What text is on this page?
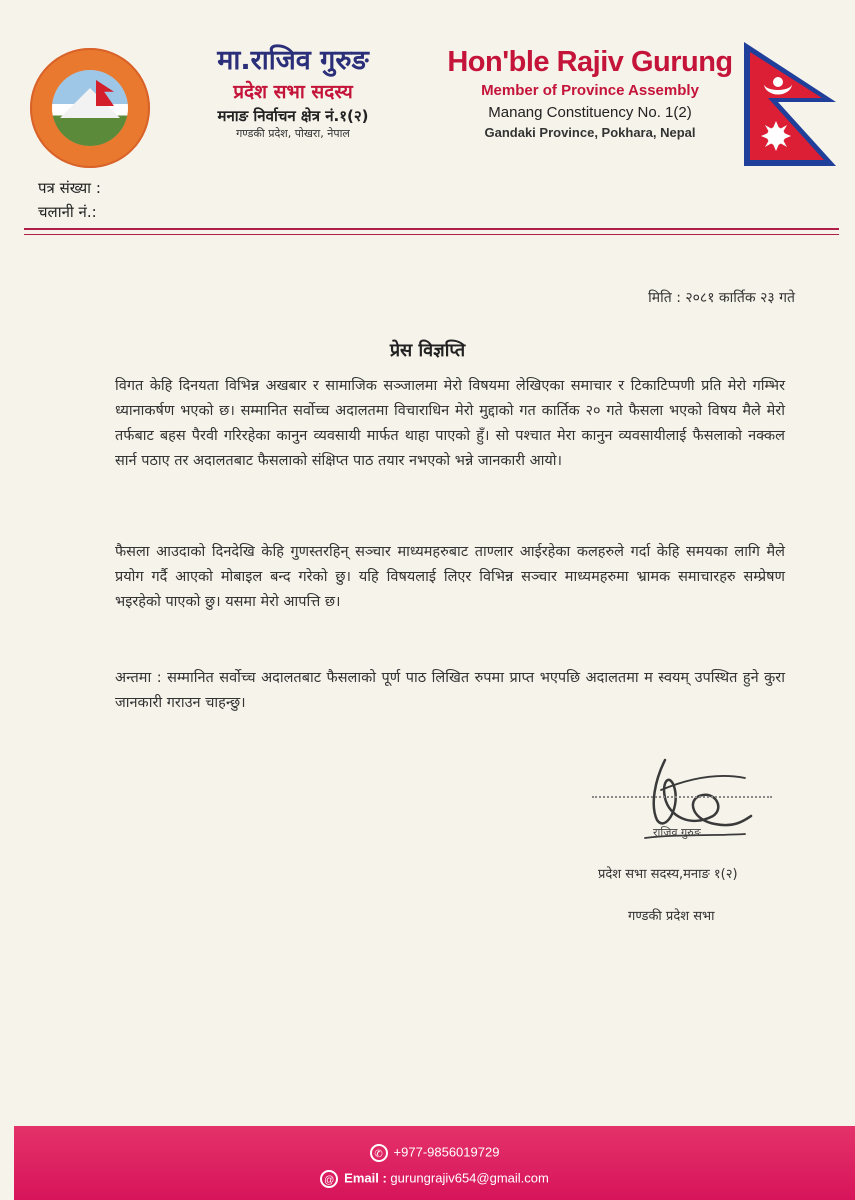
मा.राजिव गुरुङ
प्रदेश सभा सदस्य
मनाङ निर्वाचन क्षेत्र नं.१(२)
गण्डकी प्रदेश, पोखरा, नेपाल
Hon'ble Rajiv Gurung
Member of Province Assembly
Manang Constituency No. 1(2)
Gandaki Province, Pokhara, Nepal
पत्र संख्या :
चलानी नं.:
मिति : २०८१ कार्तिक २३ गते
प्रेस विज्ञप्ति
विगत केहि दिनयता विभिन्न अखबार र सामाजिक सञ्जालमा मेरो विषयमा लेखिएका समाचार र टिकाटिप्पणी प्रति मेरो गम्भिर ध्यानाकर्षण भएको छ। सम्मानित सर्वोच्च अदालतमा विचाराधिन मेरो मुद्दाको गत कार्तिक २० गते फैसला भएको विषय मैले मेरो तर्फबाट बहस पैरवी गरिरहेका कानुन व्यवसायी मार्फत थाहा पाएको हुँ। सो पश्चात मेरा कानुन व्यवसायीलाई फैसलाको नक्कल सार्न पठाए तर अदालतबाट फैसलाको संक्षिप्त पाठ तयार नभएको भन्ने जानकारी आयो।
फैसला आउदाको दिनदेखि केहि गुणस्तरहिन् सञ्चार माध्यमहरुबाट ताण्लार आईरहेका कलहरुले गर्दा केहि समयका लागि मैले प्रयोग गर्दै आएको मोबाइल बन्द गरेको छु। यहि विषयलाई लिएर विभिन्न सञ्चार माध्यमहरुमा भ्रामक समाचारहरु सम्प्रेषण भइरहेको पाएको छु। यसमा मेरो आपत्ति छ।
अन्तमा : सम्मानित सर्वोच्च अदालतबाट फैसलाको पूर्ण पाठ लिखित रुपमा प्राप्त भएपछि अदालतमा म स्वयम् उपस्थित हुने कुरा जानकारी गराउन चाहन्छु।
राजिव गुरुङ
प्रदेश सभा सदस्य,मनाङ १(२)
गण्डकी प्रदेश सभा
✆ +977-9856019729
@ Email : gurungrajiv654@gmail.com
